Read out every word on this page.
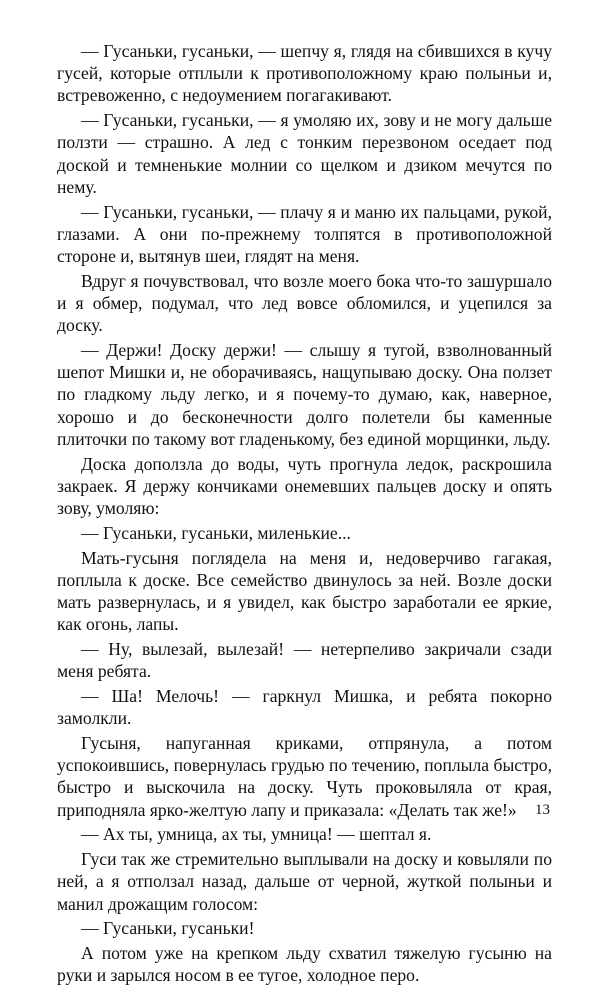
— Гусаньки, гусаньки, — шепчу я, глядя на сбившихся в кучу гусей, которые отплыли к противоположному краю полыньи и, встревоженно, с недоумением погагакивают.

— Гусаньки, гусаньки, — я умоляю их, зову и не могу дальше ползти — страшно. А лед с тонким перезвоном оседает под доской и темненькие молнии со щелком и дзиком мечутся по нему.

— Гусаньки, гусаньки, — плачу я и маню их пальцами, рукой, глазами. А они по-прежнему толпятся в противоположной стороне и, вытянув шеи, глядят на меня.

Вдруг я почувствовал, что возле моего бока что-то зашуршало и я обмер, подумал, что лед вовсе обломился, и уцепился за доску.

— Держи! Доску держи! — слышу я тугой, взволнованный шепот Мишки и, не оборачиваясь, нащупываю доску. Она ползет по гладкому льду легко, и я почему-то думаю, как, наверное, хорошо и до бесконечности долго полетели бы каменные плиточки по такому вот гладенькому, без единой морщинки, льду.

Доска доползла до воды, чуть прогнула ледок, раскрошила закраек. Я держу кончиками онемевших пальцев доску и опять зову, умоляю:

— Гусаньки, гусаньки, миленькие...

Мать-гусыня поглядела на меня и, недоверчиво гагакая, поплыла к доске. Все семейство двинулось за ней. Возле доски мать развернулась, и я увидел, как быстро заработали ее яркие, как огонь, лапы.

— Ну, вылезай, вылезай! — нетерпеливо закричали сзади меня ребята.

— Ша! Мелочь! — гаркнул Мишка, и ребята покорно замолкли.

Гусыня, напуганная криками, отпрянула, а потом успокоившись, повернулась грудью по течению, поплыла быстро, быстро и выскочила на доску. Чуть проковыляла от края, приподняла ярко-желтую лапу и приказала: «Делать так же!»

— Ах ты, умница, ах ты, умница! — шептал я.

Гуси так же стремительно выплывали на доску и ковыляли по ней, а я отползал назад, дальше от черной, жуткой полыньи и манил дрожащим голосом:

— Гусаньки, гусаньки!

А потом уже на крепком льду схватил тяжелую гусыню на руки и зарылся носом в ее тугое, холодное перо.

13
